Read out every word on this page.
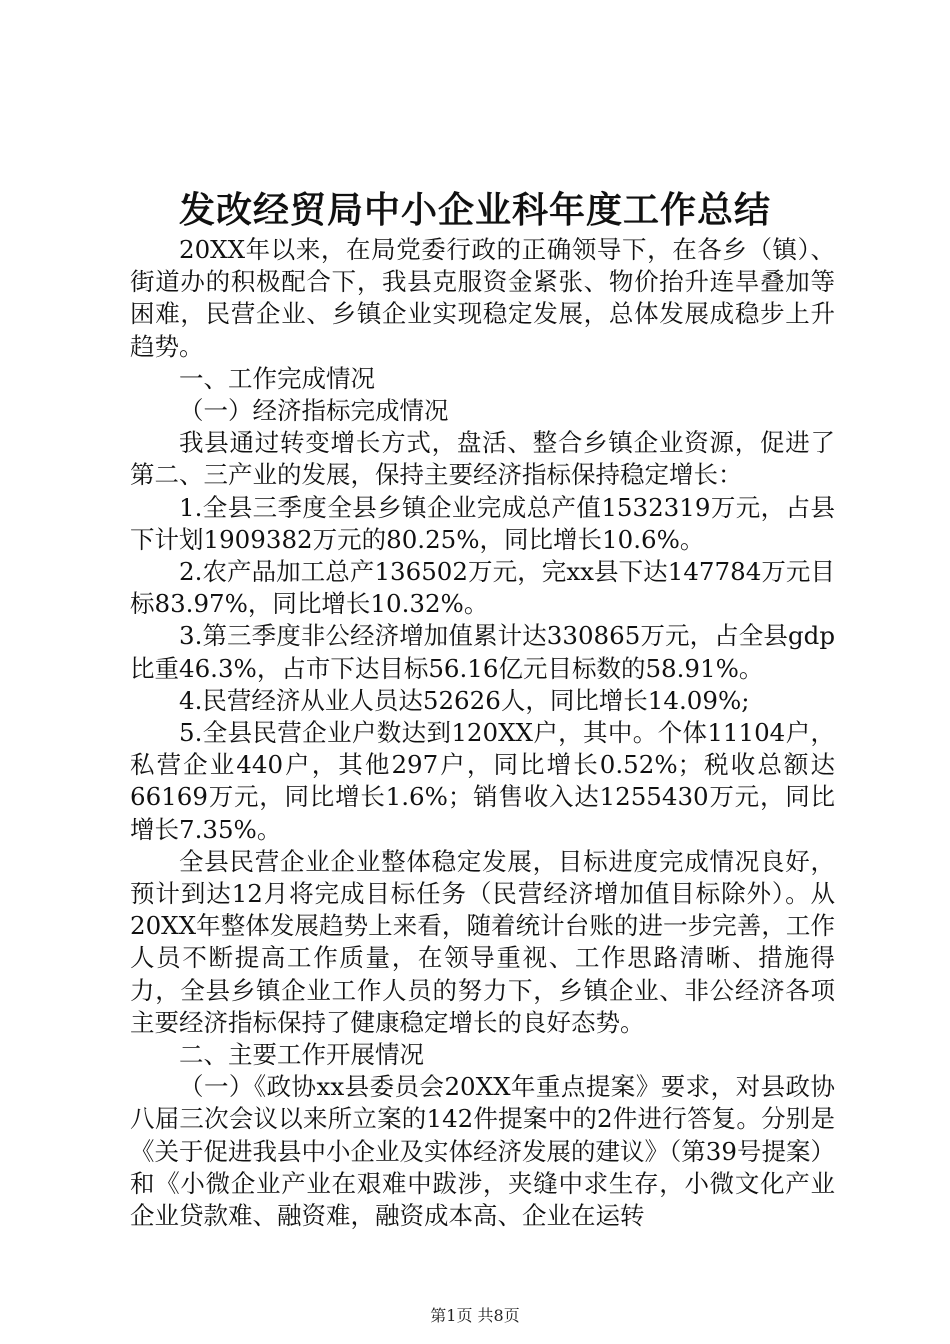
发改经贸局中小企业科年度工作总结

20XX年以来，在局党委行政的正确领导下，在各乡（镇）、街道办的积极配合下，我县克服资金紧张、物价抬升连旱叠加等困难，民营企业、乡镇企业实现稳定发展，总体发展成稳步上升趋势。

一、工作完成情况

（一）经济指标完成情况

我县通过转变增长方式，盘活、整合乡镇企业资源，促进了第二、三产业的发展，保持主要经济指标保持稳定增长：

1.全县三季度全县乡镇企业完成总产值1532319万元，占县下计划1909382万元的80.25%，同比增长10.6%。

2.农产品加工总产136502万元，完xx县下达147784万元目标83.97%，同比增长10.32%。

3.第三季度非公经济增加值累计达330865万元，占全县gdp比重46.3%，占市下达目标56.16亿元目标数的58.91%。

4.民营经济从业人员达52626人，同比增长14.09%;

5.全县民营企业户数达到120XX户，其中。个体11104户，私营企业440户，其他297户，同比增长0.52%；税收总额达66169万元，同比增长1.6%；销售收入达1255430万元，同比增长7.35%。

全县民营企业企业整体稳定发展，目标进度完成情况良好，预计到达12月将完成目标任务（民营经济增加值目标除外）。从20XX年整体发展趋势上来看，随着统计台账的进一步完善，工作人员不断提高工作质量，在领导重视、工作思路清晰、措施得力，全县乡镇企业工作人员的努力下，乡镇企业、非公经济各项主要经济指标保持了健康稳定增长的良好态势。

二、主要工作开展情况

（一）《政协xx县委员会20XX年重点提案》要求，对县政协八届三次会议以来所立案的142件提案中的2件进行答复。分别是《关于促进我县中小企业及实体经济发展的建议》（第39号提案）和《小微企业产业在艰难中跋涉，夹缝中求生存，小微文化产业企业贷款难、融资难，融资成本高、企业在运转

第1页 共8页
